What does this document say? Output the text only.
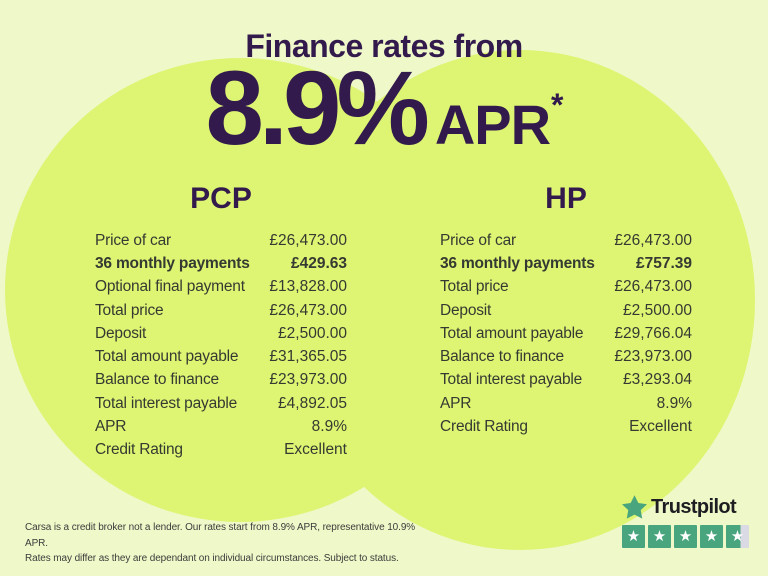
Finance rates from
8.9% APR*
PCP
Price of car	£26,473.00
36 monthly payments	£429.63
Optional final payment £13,828.00
Total price	£26,473.00
Deposit	£2,500.00
Total amount payable £31,365.05
Balance to finance	£23,973.00
Total interest payable	£4,892.05
APR	8.9%
Credit Rating	Excellent
HP
Price of car	£26,473.00
36 monthly payments	£757.39
Total price	£26,473.00
Deposit	£2,500.00
Total amount payable £29,766.04
Balance to finance	£23,973.00
Total interest payable	£3,293.04
APR	8.9%
Credit Rating	Excellent
Carsa is a credit broker not a lender. Our rates start from 8.9% APR, representative 10.9% APR.
Rates may differ as they are dependant on individual circumstances. Subject to status.
Trustpilot
★ ★ ★ ★ ★
